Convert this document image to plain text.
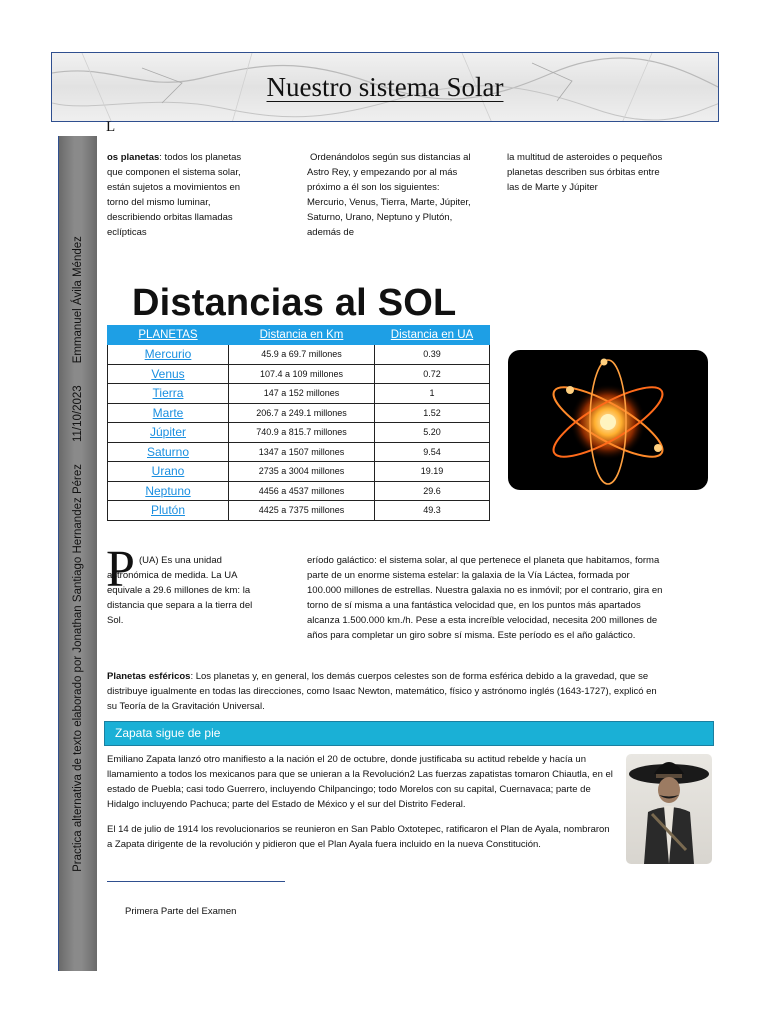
Nuestro sistema Solar
L
Practica alternativa de texto elaborado por Jonathan Santiago Hernandez Pérez11/10/2023Emmanuel Ávila Méndez
os planetas: todos los planetas que componen el sistema solar, están sujetos a movimientos en torno del mismo luminar, describiendo orbitas llamadas eclípticas
Ordenándolos según sus distancias al Astro Rey, y empezando por al más próximo a él son los siguientes: Mercurio, Venus, Tierra, Marte, Júpiter, Saturno, Urano, Neptuno y Plutón, además de
la multitud de asteroides o pequeños planetas describen sus órbitas entre las de Marte y Júpiter
Distancias al SOL
PLANETAS	Distancia en Km	Distancia en UA
Mercurio	45.9 a 69.7 millones	0.39
Venus	107.4 a 109 millones	0.72
Tierra	147 a 152 millones	1
Marte	206.7 a 249.1 millones	1.52
Júpiter	740.9 a 815.7 millones	5.20
Saturno	1347 a 1507 millones	9.54
Urano	2735 a 3004 millones	19.19
Neptuno	4456 a 4537 millones	29.6
Plutón	4425 a 7375 millones	49.3
P (UA) Es una unidad astronómica de medida. La UA equivale a 29.6 millones de km: la distancia que separa a la tierra del Sol.
eríodo galáctico: el sistema solar, al que pertenece el planeta que habitamos, forma parte de un enorme sistema estelar: la galaxia de la Vía Láctea, formada por 100.000 millones de estrellas. Nuestra galaxia no es inmóvil; por el contrario, gira en torno de sí misma a una fantástica velocidad que, en los puntos más apartados alcanza 1.500.000 km./h. Pese a esta increíble velocidad, necesita 200 millones de años para completar un giro sobre sí misma. Este período es el año galáctico.
Planetas esféricos: Los planetas y, en general, los demás cuerpos celestes son de forma esférica debido a la gravedad, que se distribuye igualmente en todas las direcciones, como Isaac Newton, matemático, físico y astrónomo inglés (1643-1727), explicó en su Teoría de la Gravitación Universal.
Zapata sigue de pie
Emiliano Zapata lanzó otro manifiesto a la nación el 20 de octubre, donde justificaba su actitud rebelde y hacía un llamamiento a todos los mexicanos para que se unieran a la Revolución2 Las fuerzas zapatistas tomaron Chiautla, en el estado de Puebla; casi todo Guerrero, incluyendo Chilpancingo; todo Morelos con su capital, Cuernavaca; parte de Hidalgo incluyendo Pachuca; parte del Estado de México y el sur del Distrito Federal.
El 14 de julio de 1914 los revolucionarios se reunieron en San Pablo Oxtotepec, ratificaron el Plan de Ayala, nombraron a Zapata dirigente de la revolución y pidieron que el Plan Ayala fuera incluido en la nueva Constitución.
Primera Parte del Examen
